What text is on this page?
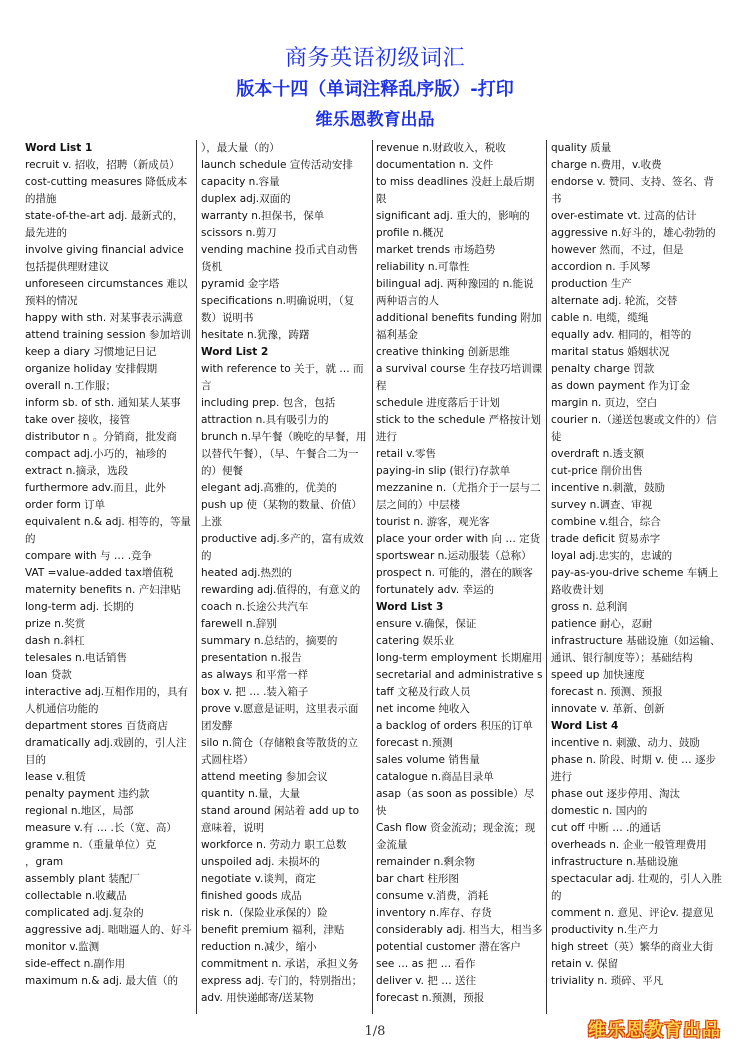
商务英语初级词汇
版本十四（单词注释乱序版）-打印
维乐恩教育出品
Word List 1
recruit v. 招收，招聘（新成员）
cost-cutting measures 降低成本的措施
state-of-the-art adj. 最新式的，最先进的
involve giving financial advice 包括提供理财建议
unforeseen circumstances 难以预料的情况
happy with sth. 对某事表示满意
attend training session 参加培训
keep a diary 习惯地记日记
organize holiday 安排假期
overall n.工作服；
inform sb. of sth. 通知某人某事
take over 接收，接管
distributor n 。分销商，批发商
compact adj.小巧的，袖珍的
extract n.摘录，选段
furthermore adv.而且，此外
order form 订单
equivalent n.& adj. 相等的，等量的
compare with 与 … .竞争
VAT =value-added tax增值税
maternity benefits n. 产妇津贴
long-term adj. 长期的
prize n.奖赏
dash n.斜杠
telesales n.电话销售
loan 贷款
interactive adj.互相作用的，具有人机通信功能的
department stores 百货商店
dramatically adj.戏剧的，引人注目的
lease v.租赁
penalty payment 违约款
regional n.地区，局部
measure v.有 … .长（宽、高）
gramme n.（重量单位）克
，gram
assembly plant 装配厂
collectable n.收藏品
complicated adj.复杂的
aggressive adj. 咄咄逼人的、好斗
monitor v.监测
side-effect n.副作用
maximum n.& adj. 最大值（的
），最大量（的）
launch schedule 宣传活动安排
capacity n.容量
duplex adj.双面的
warranty n.担保书，保单
scissors n.剪刀
vending machine 投币式自动售货机
pyramid 金字塔
specifications n.明确说明，（复数）说明书
hesitate n.犹豫，踌躇
Word List 2
with reference to 关于，就 … 而言
including prep. 包含，包括
attraction n.具有吸引力的
brunch n.早午餐（晚吃的早餐，用以替代午餐），（早、午餐合二为一的）便餐
elegant adj.高雅的，优美的
push up 使（某物的数量、价值）上涨
productive adj.多产的，富有成效的
heated adj.热烈的
rewarding adj.值得的，有意义的
coach n.长途公共汽车
farewell n.辞别
summary n.总结的，摘要的
presentation n.报告
as always 和平常一样
box v. 把 … .装入箱子
prove v.愿意是证明，这里表示面团发酵
silo n.简仓（存储粮食等散货的立式圆柱塔）
attend meeting 参加会议
quantity n.量，大量
stand around 闲站着 add up to 意味着，说明
workforce n. 劳动力 职工总数
unspoiled adj. 未损坏的
negotiate v.谈判，商定
finished goods 成品
risk n.（保险业承保的）险
benefit premium 福利，津贴
reduction n.减少，缩小
commitment n. 承诺，承担义务
express adj. 专门的，特别指出；adv. 用快递邮寄/送某物
revenue n.财政收入，税收
documentation n. 文件
to miss deadlines 没赶上最后期限
significant adj. 重大的，影响的
profile n.概况
market trends 市场趋势
reliability n.可靠性
bilingual adj. 两种豫园的 n.能说两种语言的人
additional benefits funding 附加福利基金
creative thinking 创新思维
a survival course 生存技巧培训课程
schedule 进度落后于计划
stick to the schedule 严格按计划进行
retail v.零售
paying-in slip (银行)存款单
mezzanine n.（尤指介于一层与二层之间的）中层楼
tourist n. 游客，观光客
place your order with 向 … 定货
sportswear n.运动服装（总称）
prospect n. 可能的，潜在的顾客
fortunately adv. 幸运的
Word List 3
ensure v.确保，保证
catering 娱乐业
long-term employment 长期雇用
secretarial and administrative staff 文秘及行政人员
net income 纯收入
a backlog of orders 积压的订单
forecast n.预测
sales volume 销售量
catalogue n.商品目录单
asap（as soon as possible）尽快
Cash flow 资金流动；现金流；现金流量
remainder n.剩余物
bar chart 柱形图
consume v.消费，消耗
inventory n.库存、存货
considerably adj. 相当大，相当多
potential customer 潜在客户
see … as 把 … 看作
deliver v. 把 … 送往
forecast n.预测，预报
quality 质量
charge n.费用，v.收费
endorse v. 赞同、支持、签名、背书
over-estimate vt. 过高的估计
aggressive n.好斗的，雄心勃勃的
however 然而，不过，但是
accordion n. 手风琴
production 生产
alternate adj. 轮流，交替
cable n. 电缆，缆绳
equally adv. 相同的，相等的
marital status 婚姻状况
penalty charge 罚款
as down payment 作为订金
margin n. 页边，空白
courier n.（递送包裹或文件的）信徒
overdraft n.透支额
cut-price 削价出售
incentive n.刺激，鼓励
survey n.调查、审视
combine v.组合，综合
trade deficit 贸易赤字
loyal adj.忠实的，忠诚的
pay-as-you-drive scheme 车辆上路收费计划
gross n. 总利润
patience 耐心，忍耐
infrastructure 基础设施（如运输、通讯、银行制度等）；基础结构
speed up 加快速度
forecast n. 预测、预报
innovate v. 革新、创新
Word List 4
incentive n. 刺激、动力、鼓励
phase n. 阶段、时期 v. 使 … 逐步进行
phase out 逐步停用、淘汰
domestic n. 国内的
cut off 中断 … .的通话
overheads n. 企业一般管理费用
infrastructure n.基础设施
spectacular adj. 壮观的，引人入胜的
comment n. 意见、评论v. 提意见
productivity n.生产力
high street（英）繁华的商业大街
retain v. 保留
triviality n. 琐碎、平凡
1/8	维乐恩教育出品
